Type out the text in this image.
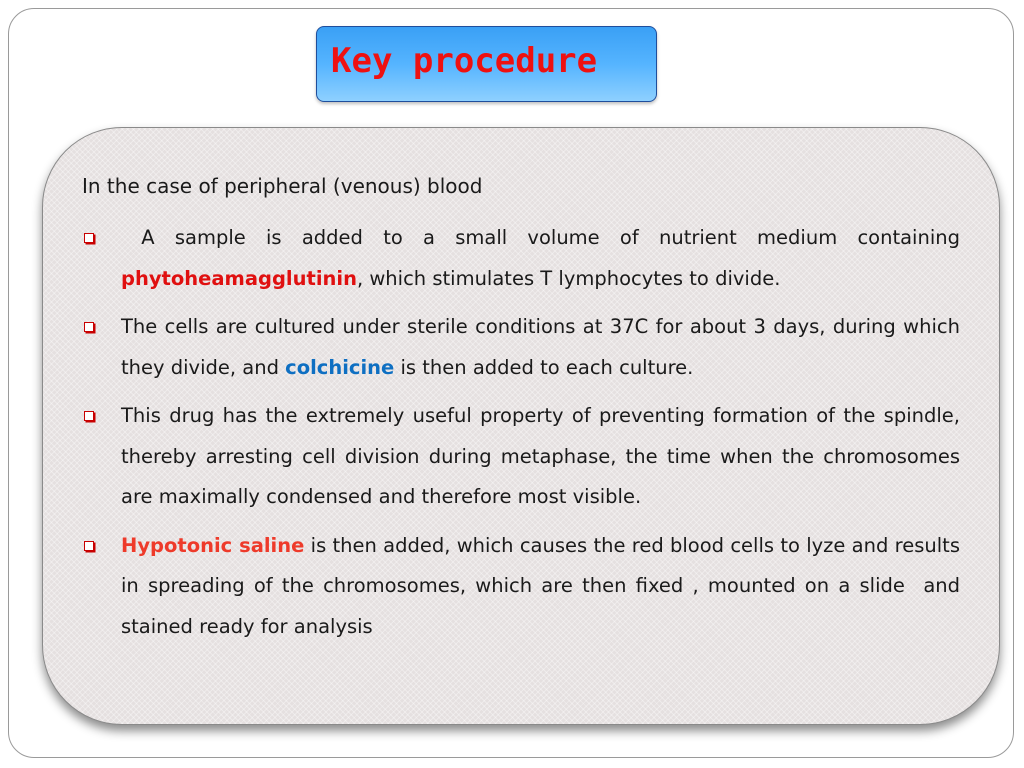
Key procedure
In the case of peripheral (venous) blood
A sample is added to a small volume of nutrient medium containing phytoheamagglutinin, which stimulates T lymphocytes to divide.
The cells are cultured under sterile conditions at 37C for about 3 days, during which they divide, and colchicine is then added to each culture.
This drug has the extremely useful property of preventing formation of the spindle, thereby arresting cell division during metaphase, the time when the chromosomes are maximally condensed and therefore most visible.
Hypotonic saline is then added, which causes the red blood cells to lyze and results in spreading of the chromosomes, which are then fixed , mounted on a slide  and stained ready for analysis
